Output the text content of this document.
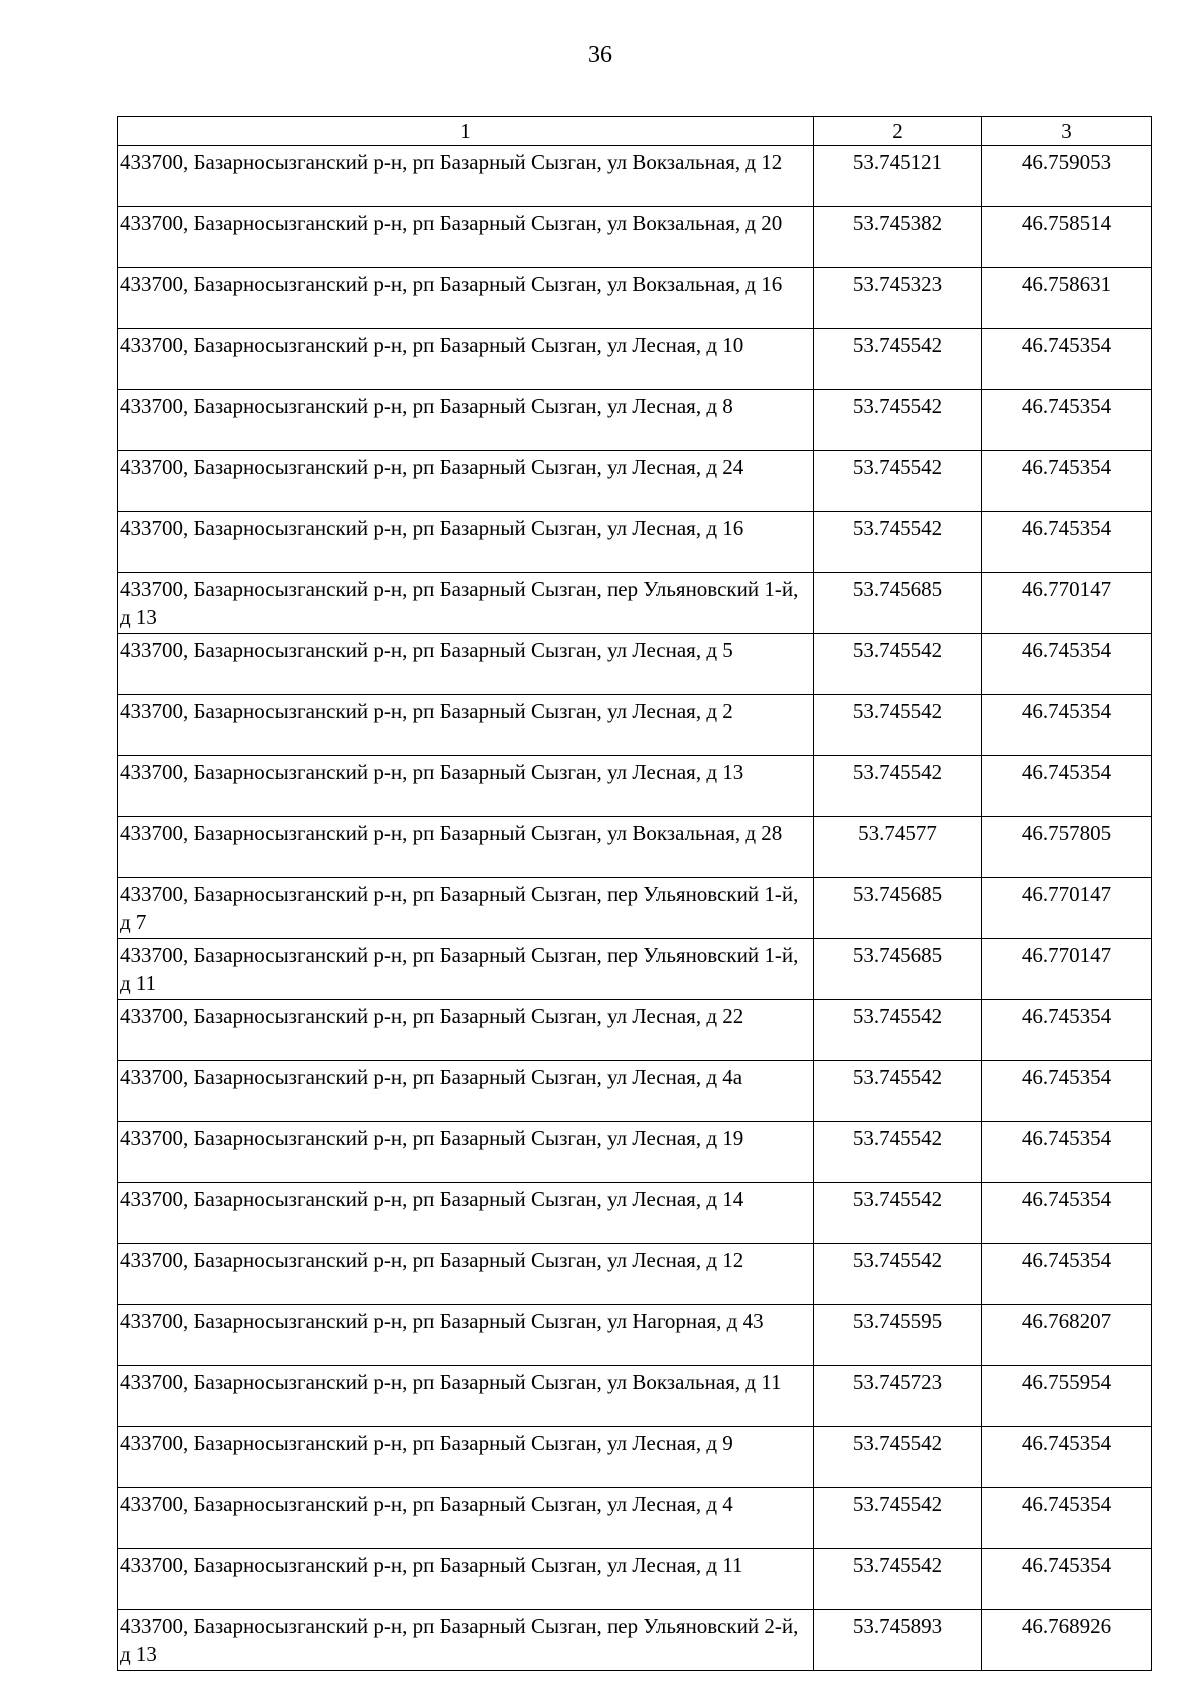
36
1	2	3
433700, Базарносызганский р-н, рп Базарный Сызган, ул Вокзальная, д 12	53.745121	46.759053
433700, Базарносызганский р-н, рп Базарный Сызган, ул Вокзальная, д 20	53.745382	46.758514
433700, Базарносызганский р-н, рп Базарный Сызган, ул Вокзальная, д 16	53.745323	46.758631
433700, Базарносызганский р-н, рп Базарный Сызган, ул Лесная, д 10	53.745542	46.745354
433700, Базарносызганский р-н, рп Базарный Сызган, ул Лесная, д 8	53.745542	46.745354
433700, Базарносызганский р-н, рп Базарный Сызган, ул Лесная, д 24	53.745542	46.745354
433700, Базарносызганский р-н, рп Базарный Сызган, ул Лесная, д 16	53.745542	46.745354
433700, Базарносызганский р-н, рп Базарный Сызган, пер Ульяновский 1-й, д 13	53.745685	46.770147
433700, Базарносызганский р-н, рп Базарный Сызган, ул Лесная, д 5	53.745542	46.745354
433700, Базарносызганский р-н, рп Базарный Сызган, ул Лесная, д 2	53.745542	46.745354
433700, Базарносызганский р-н, рп Базарный Сызган, ул Лесная, д 13	53.745542	46.745354
433700, Базарносызганский р-н, рп Базарный Сызган, ул Вокзальная, д 28	53.74577	46.757805
433700, Базарносызганский р-н, рп Базарный Сызган, пер Ульяновский 1-й, д 7	53.745685	46.770147
433700, Базарносызганский р-н, рп Базарный Сызган, пер Ульяновский 1-й, д 11	53.745685	46.770147
433700, Базарносызганский р-н, рп Базарный Сызган, ул Лесная, д 22	53.745542	46.745354
433700, Базарносызганский р-н, рп Базарный Сызган, ул Лесная, д 4а	53.745542	46.745354
433700, Базарносызганский р-н, рп Базарный Сызган, ул Лесная, д 19	53.745542	46.745354
433700, Базарносызганский р-н, рп Базарный Сызган, ул Лесная, д 14	53.745542	46.745354
433700, Базарносызганский р-н, рп Базарный Сызган, ул Лесная, д 12	53.745542	46.745354
433700, Базарносызганский р-н, рп Базарный Сызган, ул Нагорная, д 43	53.745595	46.768207
433700, Базарносызганский р-н, рп Базарный Сызган, ул Вокзальная, д 11	53.745723	46.755954
433700, Базарносызганский р-н, рп Базарный Сызган, ул Лесная, д 9	53.745542	46.745354
433700, Базарносызганский р-н, рп Базарный Сызган, ул Лесная, д 4	53.745542	46.745354
433700, Базарносызганский р-н, рп Базарный Сызган, ул Лесная, д 11	53.745542	46.745354
433700, Базарносызганский р-н, рп Базарный Сызган, пер Ульяновский 2-й, д 13	53.745893	46.768926
